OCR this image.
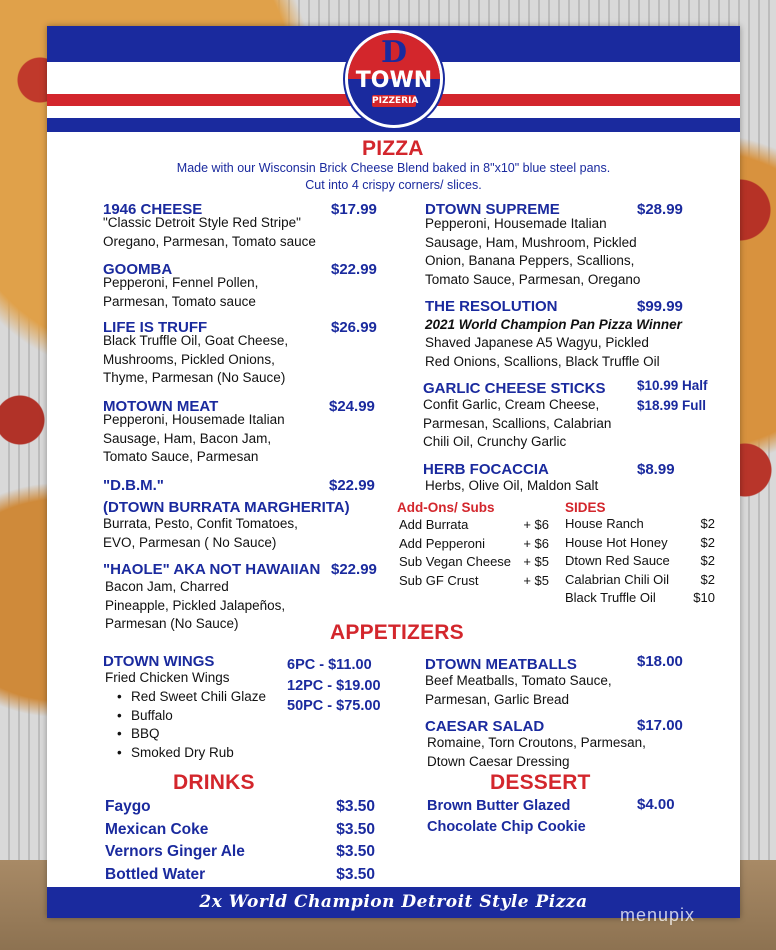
D
TOWN
PIZZERIA
PIZZA
Made with our Wisconsin Brick Cheese Blend baked in 8"x10" blue steel pans.
Cut into 4 crispy corners/ slices.
1946 CHEESE	$17.99
"Classic Detroit Style Red Stripe"
Oregano, Parmesan, Tomato sauce
GOOMBA	$22.99
Pepperoni, Fennel Pollen,
Parmesan, Tomato sauce
LIFE IS TRUFF	$26.99
Black Truffle Oil, Goat Cheese,
Mushrooms, Pickled Onions,
Thyme, Parmesan (No Sauce)
MOTOWN MEAT	$24.99
Pepperoni, Housemade Italian
Sausage, Ham, Bacon Jam,
Tomato Sauce, Parmesan
"D.B.M."	$22.99
(DTOWN BURRATA MARGHERITA)
Burrata, Pesto, Confit Tomatoes,
EVO, Parmesan ( No Sauce)
"HAOLE" AKA NOT HAWAIIAN $22.99
Bacon Jam, Charred
Pineapple, Pickled Jalapeños,
Parmesan (No Sauce)
DTOWN SUPREME	$28.99
Pepperoni, Housemade Italian
Sausage, Ham, Mushroom, Pickled
Onion, Banana Peppers, Scallions,
Tomato Sauce, Parmesan, Oregano
THE RESOLUTION	$99.99
2021 World Champion Pan Pizza Winner
Shaved Japanese A5 Wagyu, Pickled
Red Onions, Scallions, Black Truffle Oil
GARLIC CHEESE STICKS $10.99 Half
$18.99 Full
Confit Garlic, Cream Cheese,
Parmesan, Scallions, Calabrian
Chili Oil, Crunchy Garlic
HERB FOCACCIA	$8.99
Herbs, Olive Oil, Maldon Salt
Add-Ons/ Subs
Add Burrata	+ $6
Add Pepperoni	+ $6
Sub Vegan Cheese + $5
Sub GF Crust	+ $5
SIDES
House Ranch	$2
House Hot Honey	$2
Dtown Red Sauce $2
Calabrian Chili Oil $2
Black Truffle Oil	$10
APPETIZERS
DTOWN WINGS
Fried Chicken Wings
• Red Sweet Chili Glaze
• Buffalo
• BBQ
• Smoked Dry Rub
6PC - $11.00
12PC - $19.00
50PC - $75.00
DTOWN MEATBALLS	$18.00
Beef Meatballs, Tomato Sauce,
Parmesan, Garlic Bread
CAESAR SALAD	$17.00
Romaine, Torn Croutons, Parmesan,
Dtown Caesar Dressing
DRINKS
Faygo	$3.50
Mexican Coke	$3.50
Vernors Ginger Ale	$3.50
Bottled Water	$3.50
DESSERT
Brown Butter Glazed
Chocolate Chip Cookie
$4.00
2x World Champion Detroit Style Pizza
menupix
